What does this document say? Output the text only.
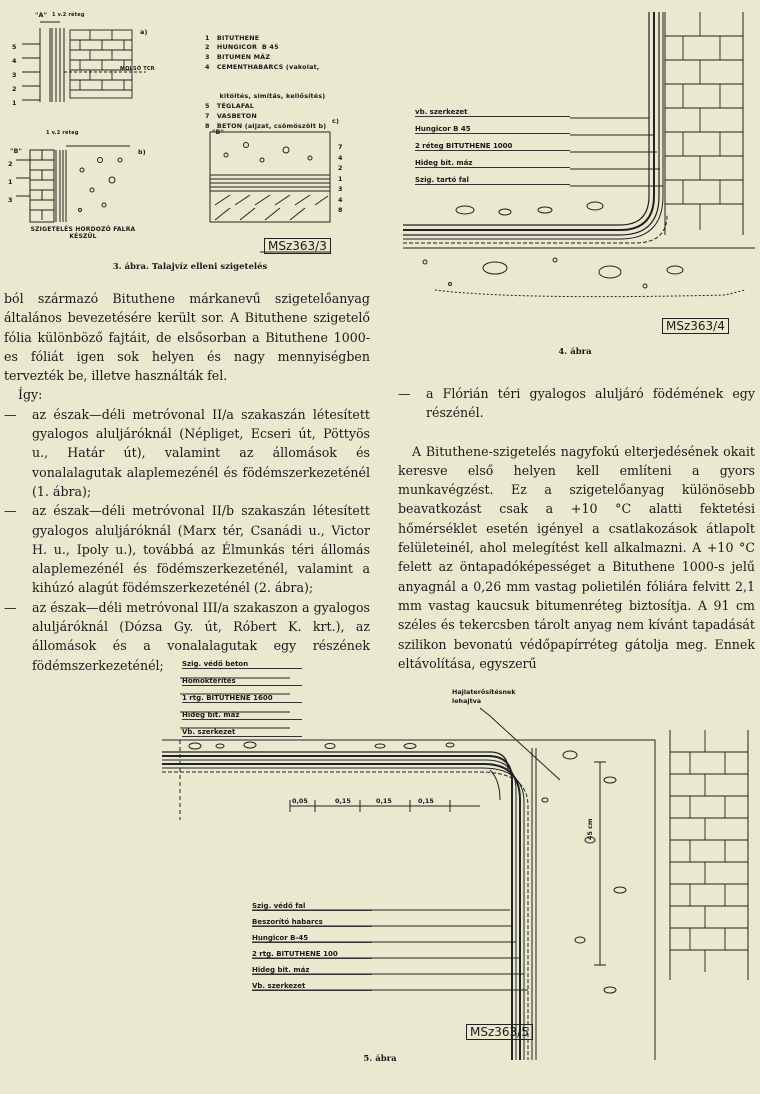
"A" 1 v.2 rétеg
a)
MOLSÓ TCR
5
4
3
2
1
"B"
1 v.2 réteg
b)
2
1
3
SZIGETELÉS HORDOZÓ FALRA KÉSZÜL
"B"
c)
7
4
2
1
3
4
8

1   BITUTHENE
2   HUNGICOR  B 45
3   BITUMEN MÁZ
4   CEMENTHABARCS (vakolat,

kitöltés, simítás, kellősítés)
5   TÉGLAFAL
7   VASBETON
8   BETON (aljzat, csömöszölt b)

MSz363/3
3. ábra. Talajvíz elleni szigetelés
vb. szerkezet
Hungicor B 45
2 réteg BITUTHENE 1000
Hideg bit. máz
Szig. tartó fal
MSz363/4
4. ábra

ból származó Bituthene márkanevű szigetelőanyag általános bevezetésére került sor. A Bituthene szigetelő fólia különböző fajtáit, de elsősorban a Bituthene 1000-es fóliát igen sok helyen és nagy mennyiségben tervezték be, illetve használták fel.

Így:

— az észak—déli metróvonal II/a szakaszán létesített gyalogos aluljáróknál (Népliget, Ecseri út, Pöttyös u., Határ út), valamint az állomások és vonalalagutak alaplemezénél és födémszerkezeténél (1. ábra);

— az észak—déli metróvonal II/b szakaszán létesített gyalogos aluljáróknál (Marx tér, Csanádi u., Victor H. u., Ipoly u.), továbbá az Élmunkás téri állomás alaplemezénél és födémszerkezeténél, valamint a kihúzó alagút födémszerkezeténél (2. ábra);

— az észak—déli metróvonal III/a szakaszon a gyalogos aluljáróknál (Dózsa Gy. út, Róbert K. krt.), az állomások és a vonalalagutak egy részének födémszerkezeténél;

— a Flórián téri gyalogos aluljáró födémének egy részénél.

A Bituthene-szigetelés nagyfokú elterjedésének okait keresve első helyen kell említeni a gyors munkavégzést. Ez a szigetelőanyag különösebb beavatkozást csak a +10 °C alatti fektetési hőmérséklet esetén igényel a csatlakozások átlapolt felületeinél, ahol melegítést kell alkalmazni. A +10 °C felett az öntapadóképességet a Bituthene 1000-s jelű anyagnál a 0,26 mm vastag polietilén fóliára felvitt 2,1 mm vastag kaucsuk bitumenréteg biztosítja. A 91 cm széles és tekercsben tárolt anyag nem kívánt tapadását szilikon bevonatú védőpapírréteg gátolja meg. Ennek eltávolítása, egyszerű

Szig. védő beton
Homokterítés
1 rtg. BITUTHENE 1600
Hideg bit. máz
Vb. szerkezet
Hajlaterősítésnek
lehajtva
0,05	0,15	0,15	0,15
45 cm
Szig. védő fal
Beszorító habarcs
Hungicor B-45
2 rtg. BITUTHENE 100
Hideg bit. máz
Vb. szerkezet
MSz363/5
5. ábra
